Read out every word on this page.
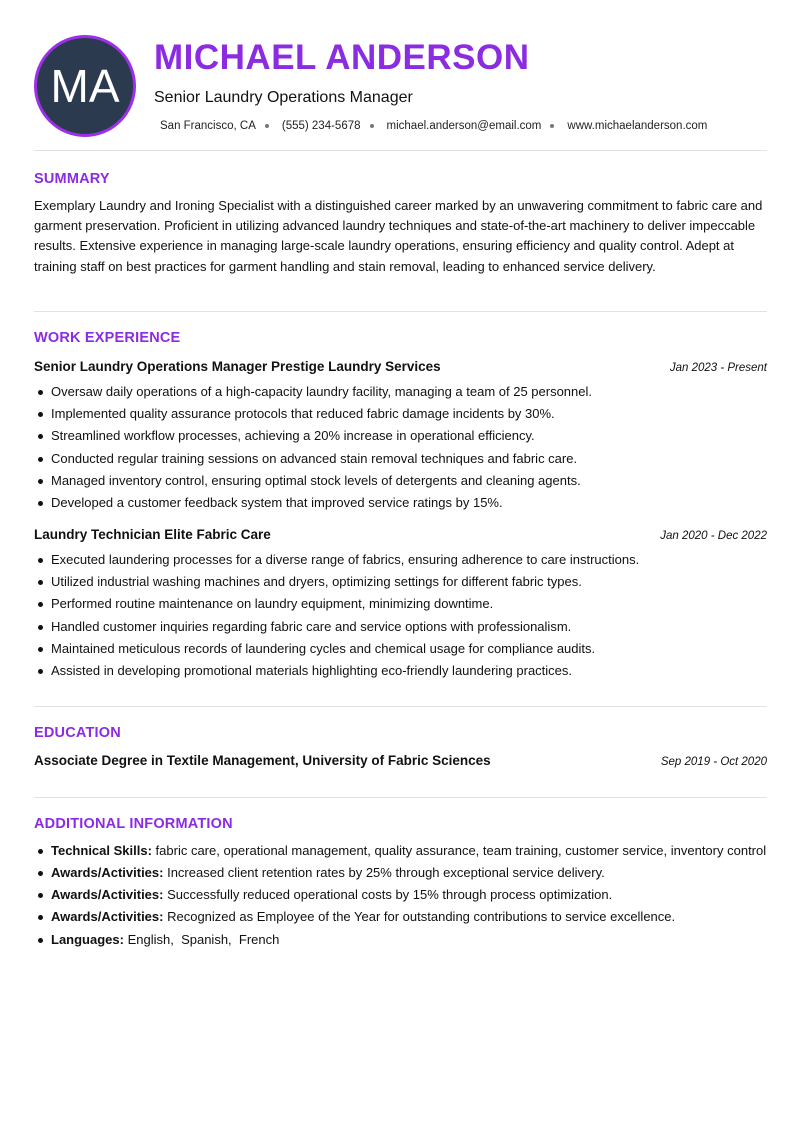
MA
MICHAEL ANDERSON
Senior Laundry Operations Manager
San Francisco, CA (555) 234-5678 michael.anderson@email.com www.michaelanderson.com
SUMMARY
Exemplary Laundry and Ironing Specialist with a distinguished career marked by an unwavering commitment to fabric care and garment preservation. Proficient in utilizing advanced laundry techniques and state-of-the-art machinery to deliver impeccable results. Extensive experience in managing large-scale laundry operations, ensuring efficiency and quality control. Adept at training staff on best practices for garment handling and stain removal, leading to enhanced service delivery.
WORK EXPERIENCE
Senior Laundry Operations Manager Prestige Laundry Services	Jan 2023 - Present
Oversaw daily operations of a high-capacity laundry facility, managing a team of 25 personnel.
Implemented quality assurance protocols that reduced fabric damage incidents by 30%.
Streamlined workflow processes, achieving a 20% increase in operational efficiency.
Conducted regular training sessions on advanced stain removal techniques and fabric care.
Managed inventory control, ensuring optimal stock levels of detergents and cleaning agents.
Developed a customer feedback system that improved service ratings by 15%.
Laundry Technician Elite Fabric Care	Jan 2020 - Dec 2022
Executed laundering processes for a diverse range of fabrics, ensuring adherence to care instructions.
Utilized industrial washing machines and dryers, optimizing settings for different fabric types.
Performed routine maintenance on laundry equipment, minimizing downtime.
Handled customer inquiries regarding fabric care and service options with professionalism.
Maintained meticulous records of laundering cycles and chemical usage for compliance audits.
Assisted in developing promotional materials highlighting eco-friendly laundering practices.
EDUCATION
Associate Degree in Textile Management, University of Fabric Sciences	Sep 2019 - Oct 2020
ADDITIONAL INFORMATION
Technical Skills: fabric care, operational management, quality assurance, team training, customer service, inventory control
Awards/Activities: Increased client retention rates by 25% through exceptional service delivery.
Awards/Activities: Successfully reduced operational costs by 15% through process optimization.
Awards/Activities: Recognized as Employee of the Year for outstanding contributions to service excellence.
Languages: English,  Spanish,  French
